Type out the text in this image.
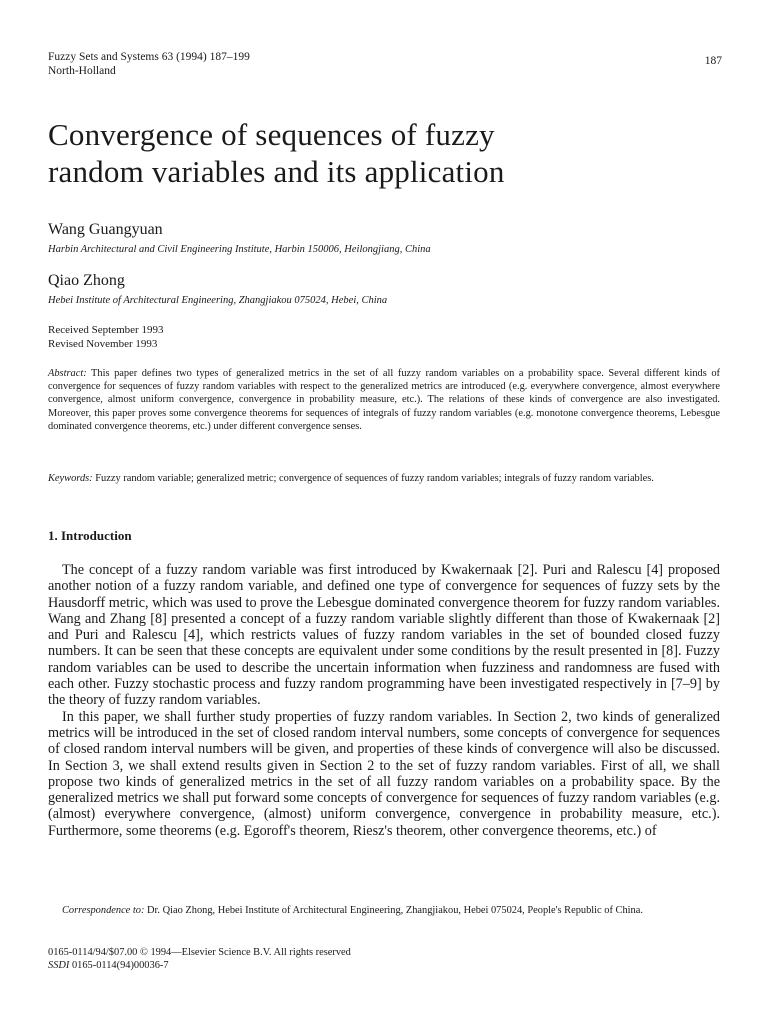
Fuzzy Sets and Systems 63 (1994) 187–199
North-Holland
187
Convergence of sequences of fuzzy
random variables and its application
Wang Guangyuan
Harbin Architectural and Civil Engineering Institute, Harbin 150006, Heilongjiang, China
Qiao Zhong
Hebei Institute of Architectural Engineering, Zhangjiakou 075024, Hebei, China
Received September 1993
Revised November 1993
Abstract: This paper defines two types of generalized metrics in the set of all fuzzy random variables on a probability space. Several different kinds of convergence for sequences of fuzzy random variables with respect to the generalized metrics are introduced (e.g. everywhere convergence, almost everywhere convergence, almost uniform convergence, convergence in probability measure, etc.). The relations of these kinds of convergence are also investigated. Moreover, this paper proves some convergence theorems for sequences of integrals of fuzzy random variables (e.g. monotone convergence theorems, Lebesgue dominated convergence theorems, etc.) under different convergence senses.
Keywords: Fuzzy random variable; generalized metric; convergence of sequences of fuzzy random variables; integrals of fuzzy random variables.
1. Introduction

The concept of a fuzzy random variable was first introduced by Kwakernaak [2]. Puri and Ralescu [4] proposed another notion of a fuzzy random variable, and defined one type of convergence for sequences of fuzzy sets by the Hausdorff metric, which was used to prove the Lebesgue dominated convergence theorem for fuzzy random variables. Wang and Zhang [8] presented a concept of a fuzzy random variable slightly different than those of Kwakernaak [2] and Puri and Ralescu [4], which restricts values of fuzzy random variables in the set of bounded closed fuzzy numbers. It can be seen that these concepts are equivalent under some conditions by the result presented in [8]. Fuzzy random variables can be used to describe the uncertain information when fuzziness and randomness are fused with each other. Fuzzy stochastic process and fuzzy random programming have been investigated respectively in [7–9] by the theory of fuzzy random variables.

In this paper, we shall further study properties of fuzzy random variables. In Section 2, two kinds of generalized metrics will be introduced in the set of closed random interval numbers, some concepts of convergence for sequences of closed random interval numbers will be given, and properties of these kinds of convergence will also be discussed. In Section 3, we shall extend results given in Section 2 to the set of fuzzy random variables. First of all, we shall propose two kinds of generalized metrics in the set of all fuzzy random variables on a probability space. By the generalized metrics we shall put forward some concepts of convergence for sequences of fuzzy random variables (e.g. (almost) everywhere convergence, (almost) uniform convergence, convergence in probability measure, etc.). Furthermore, some theorems (e.g. Egoroff's theorem, Riesz's theorem, other convergence theorems, etc.) of

Correspondence to: Dr. Qiao Zhong, Hebei Institute of Architectural Engineering, Zhangjiakou, Hebei 075024, People's Republic of China.
0165-0114/94/$07.00 © 1994—Elsevier Science B.V. All rights reserved
SSDI 0165-0114(94)00036-7
